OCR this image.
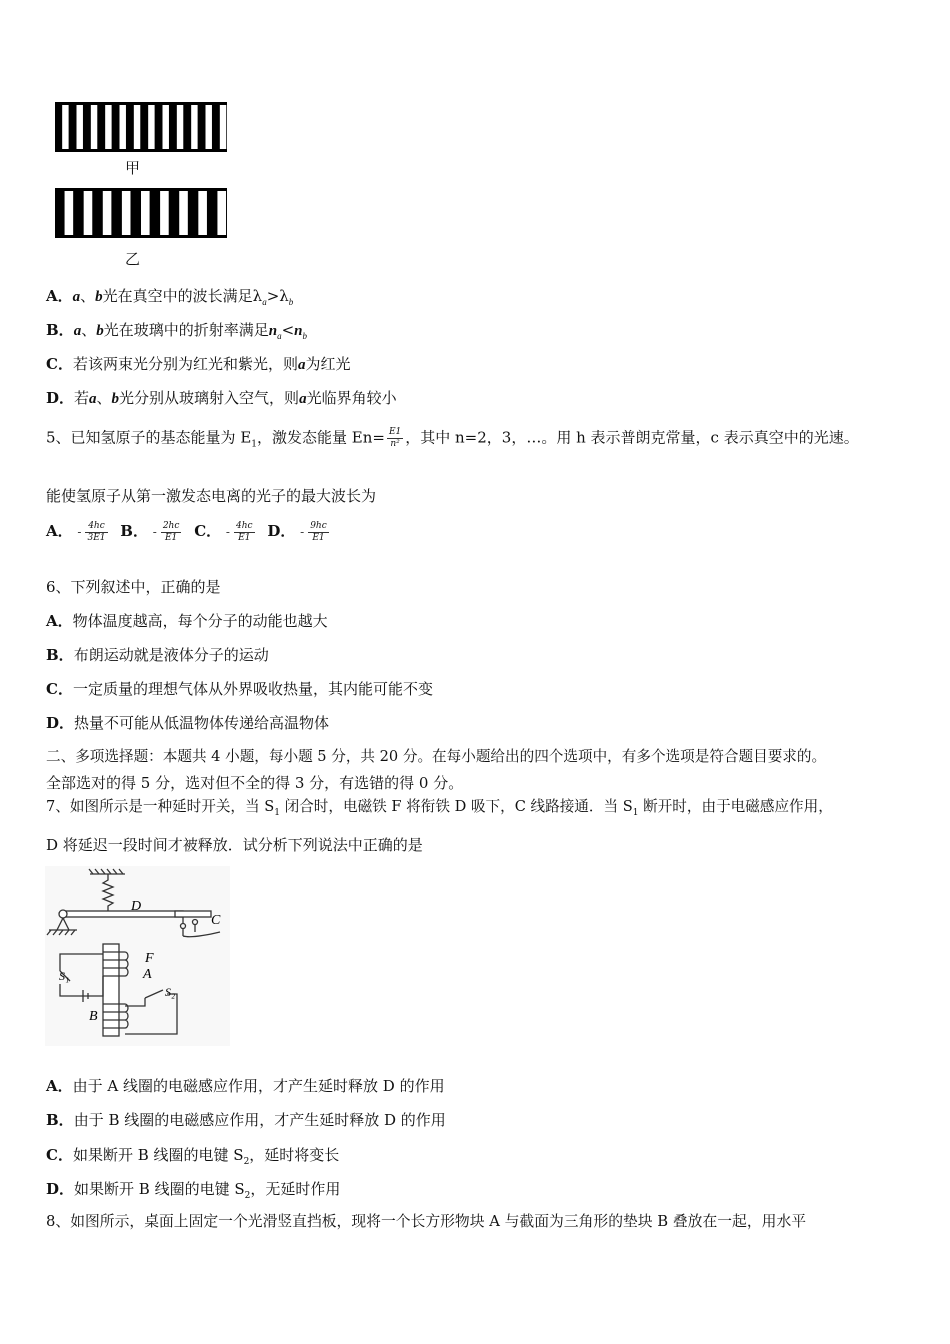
甲
乙
A．a、b光在真空中的波长满足$\lambda_a>\lambda_b$
B．a、b光在玻璃中的折射率满足$n_a<n_b$
C．若该两束光分别为红光和紫光，则a为红光
D．若a、b光分别从玻璃射入空气，则a光临界角较小
5、已知氢原子的基态能量为 $E_1$，激发态能量 $En= \frac{E1}{\text{n²}}$ ，其中 n=2，3，…。用 h 表示普朗克常量，c 表示真空中的光速。
能使氢原子从第一激发态电离的光子的最大波长为
A． - $\frac{4hc}{3E1}$ B． - $\frac{2hc}{E1}$ C． - $\frac{4hc}{E1}$ D． - $\frac{9hc}{E1}$
6、下列叙述中，正确的是
A．物体温度越高，每个分子的动能也越大
B．布朗运动就是液体分子的运动
C．一定质量的理想气体从外界吸收热量，其内能可能不变
D．热量不可能从低温物体传递给高温物体
二、多项选择题：本题共 4 小题，每小题 5 分，共 20 分。在每小题给出的四个选项中，有多个选项是符合题目要求的。
全部选对的得 5 分，选对但不全的得 3 分，有选错的得 0 分。
7、如图所示是一种延时开关，当 $S_1$ 闭合时，电磁铁 F 将衔铁 D 吸下，C 线路接通．当 $S_1$ 断开时，由于电磁感应作用，
D 将延迟一段时间才被释放．试分析下列说法中正确的是
D
C
F
A
S₁
S₂
B
A．由于 A 线圈的电磁感应作用，才产生延时释放 D 的作用
B．由于 B 线圈的电磁感应作用，才产生延时释放 D 的作用
C．如果断开 B 线圈的电键 $S_2$，延时将变长
D．如果断开 B 线圈的电键 $S_2$，无延时作用
8、如图所示，桌面上固定一个光滑竖直挡板，现将一个长方形物块 A 与截面为三角形的垫块 B 叠放在一起，用水平
